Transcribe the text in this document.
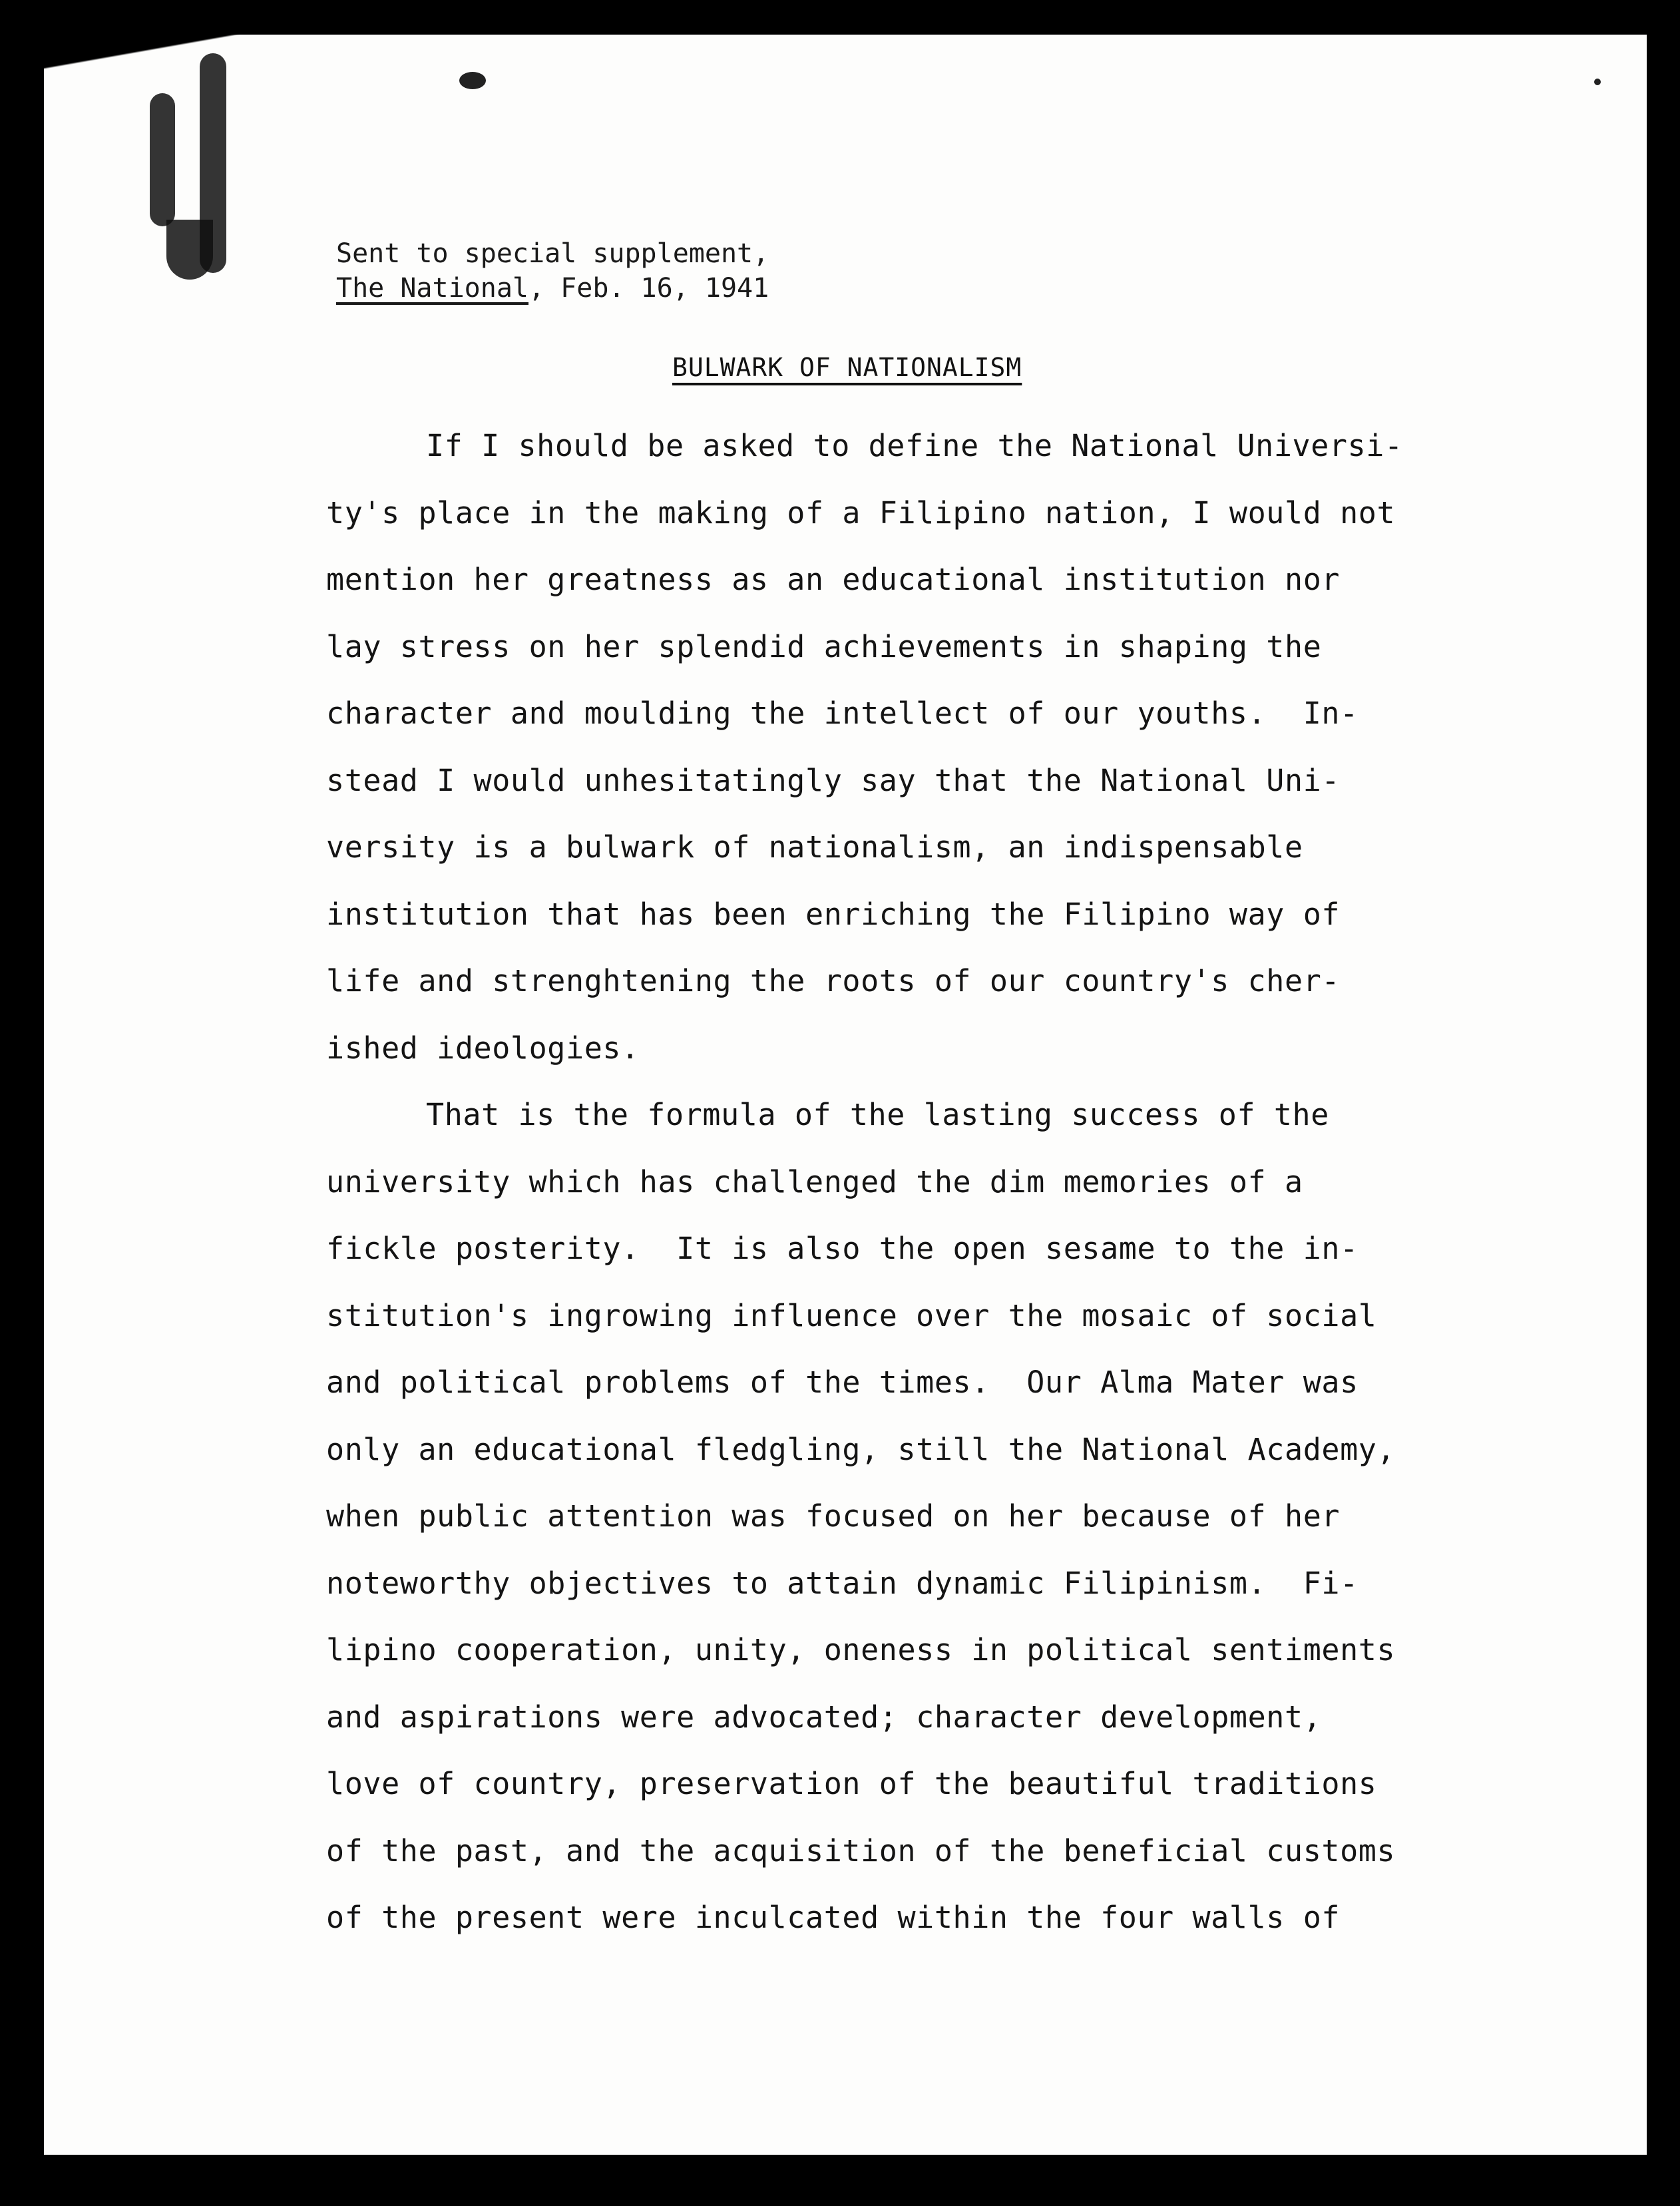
Sent to special supplement,
The National, Feb. 16, 1941
BULWARK OF NATIONALISM
If I should be asked to define the National Universi-
ty's place in the making of a Filipino nation, I would not
mention her greatness as an educational institution nor
lay stress on her splendid achievements in shaping the
character and moulding the intellect of our youths.  In-
stead I would unhesitatingly say that the National Uni-
versity is a bulwark of nationalism, an indispensable
institution that has been enriching the Filipino way of
life and strenghtening the roots of our country's cher-
ished ideologies.
That is the formula of the lasting success of the
university which has challenged the dim memories of a
fickle posterity.  It is also the open sesame to the in-
stitution's ingrowing influence over the mosaic of social
and political problems of the times.  Our Alma Mater was
only an educational fledgling, still the National Academy,
when public attention was focused on her because of her
noteworthy objectives to attain dynamic Filipinism.  Fi-
lipino cooperation, unity, oneness in political sentiments
and aspirations were advocated; character development,
love of country, preservation of the beautiful traditions
of the past, and the acquisition of the beneficial customs
of the present were inculcated within the four walls of
